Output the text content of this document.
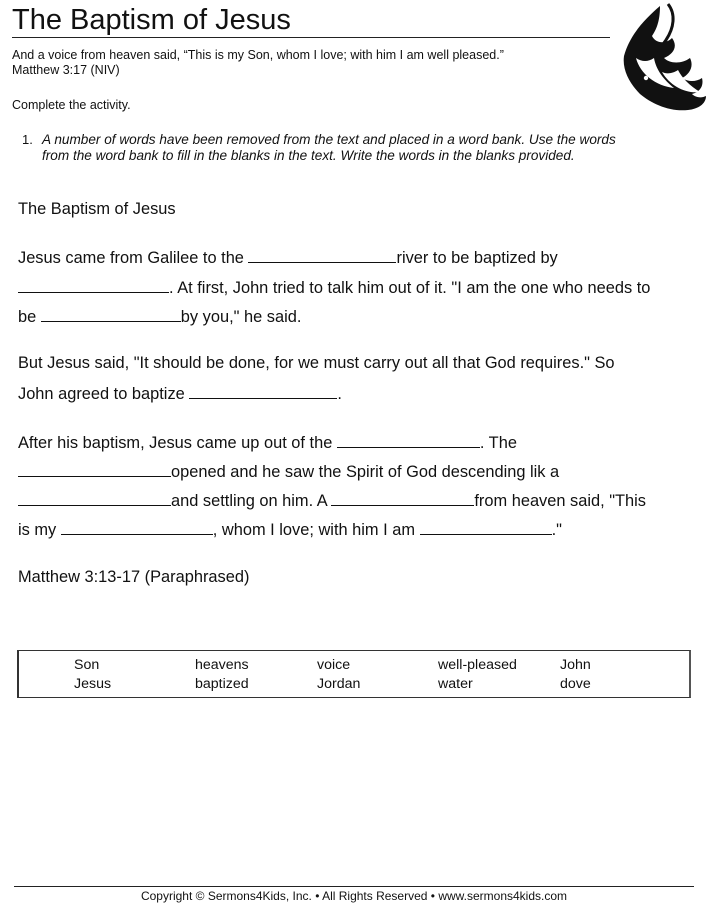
The Baptism of Jesus
And a voice from heaven said, “This is my Son, whom I love; with him I am well pleased.”
Matthew 3:17 (NIV)
Complete the activity.
1. A number of words have been removed from the text and placed in a word bank. Use the words from the word bank to fill in the blanks in the text. Write the words in the blanks provided.

The Baptism of Jesus
Jesus came from Galilee to the	river to be baptized by
. At first, John tried to talk him out of it. "I am the one who needs to
be	by you," he said.
But Jesus said, "It should be done, for we must carry out all that God requires." So
John agreed to baptize	.
After his baptism, Jesus came up out of the	. The
opened and he saw the Spirit of God descending lik a
and settling on him. A	from heaven said, "This
is my	, whom I love; with him I am	."
Matthew 3:13-17 (Paraphrased)
Son	heavens	voice	well-pleased	John
Jesus	baptized	Jordan	water	dove
Copyright © Sermons4Kids, Inc. • All Rights Reserved • www.sermons4kids.com
